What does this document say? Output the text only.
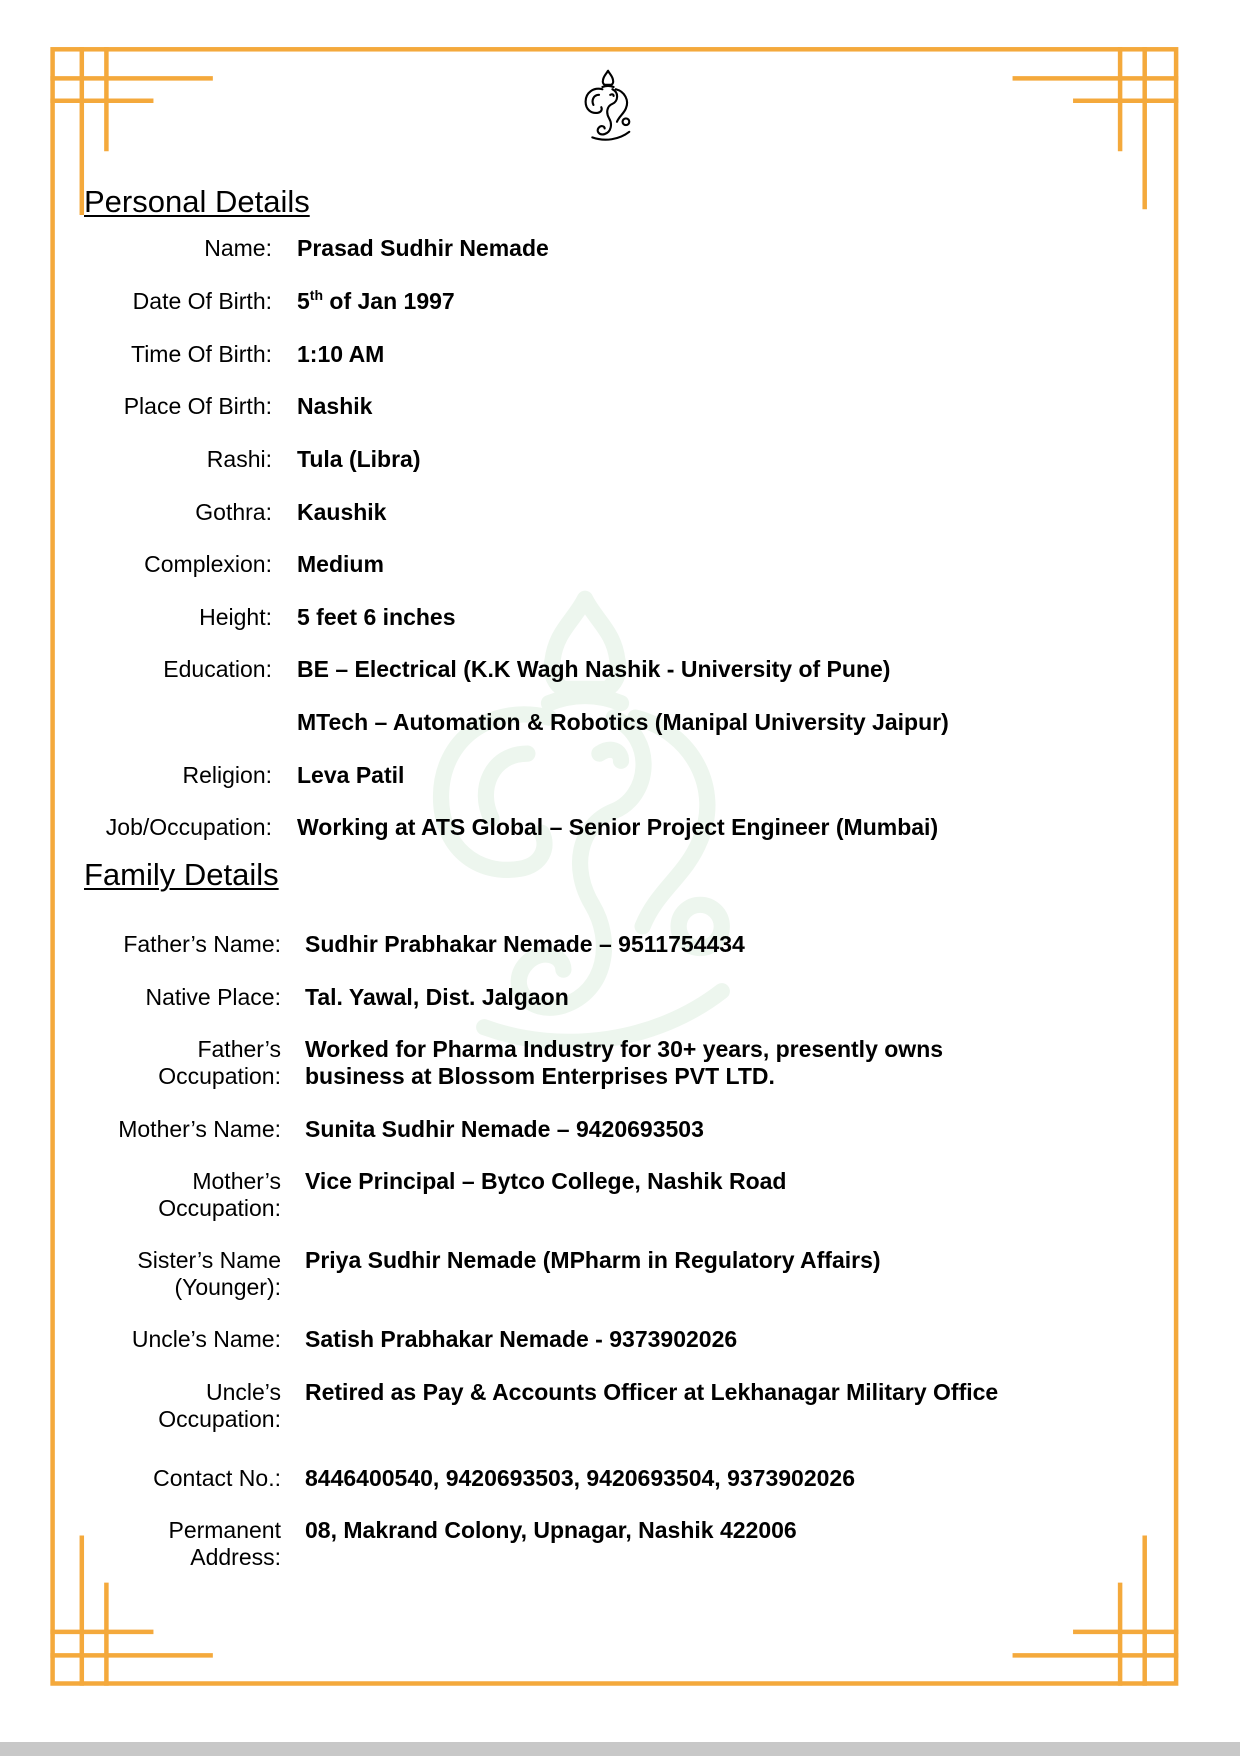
Personal Details
Name: Prasad Sudhir Nemade
Date Of Birth: 5th of Jan 1997
Time Of Birth: 1:10 AM
Place Of Birth: Nashik
Rashi: Tula (Libra)
Gothra: Kaushik
Complexion: Medium
Height: 5 feet 6 inches
Education: BE – Electrical (K.K Wagh Nashik - University of Pune)
MTech – Automation & Robotics (Manipal University Jaipur)
Religion: Leva Patil
Job/Occupation: Working at ATS Global – Senior Project Engineer (Mumbai)
Family Details
Father’s Name: Sudhir Prabhakar Nemade – 9511754434
Native Place: Tal. Yawal, Dist. Jalgaon
Father’s
Occupation:
Worked for Pharma Industry for 30+ years, presently owns
business at Blossom Enterprises PVT LTD.
Mother’s Name: Sunita Sudhir Nemade – 9420693503
Mother’s
Occupation:
Vice Principal – Bytco College, Nashik Road
Sister’s Name
(Younger):
Priya Sudhir Nemade (MPharm in Regulatory Affairs)
Uncle’s Name: Satish Prabhakar Nemade - 9373902026
Uncle’s
Occupation:
Retired as Pay & Accounts Officer at Lekhanagar Military Office
Contact No.: 8446400540, 9420693503, 9420693504, 9373902026
Permanent
Address:
08, Makrand Colony, Upnagar, Nashik 422006
